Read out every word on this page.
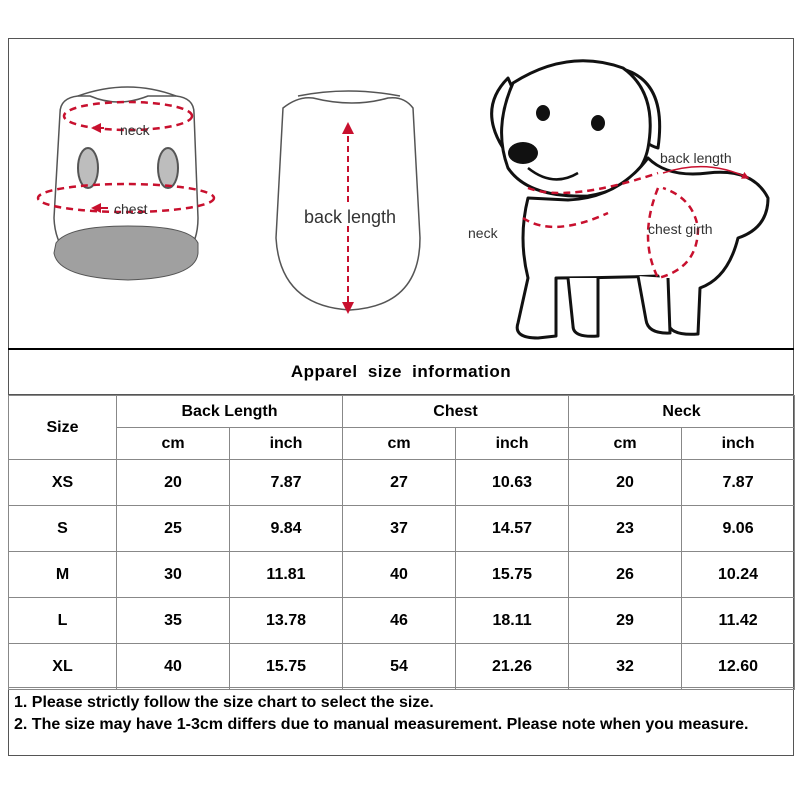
neck
chest	back length
back length
neck	chest girth
Apparel size information
Size	Back Length		Chest		Neck	
	cm	inch	cm	inch	cm	inch
XS	20	7.87	27	10.63	20	7.87
S	25	9.84	37	14.57	23	9.06
M	30	11.81	40	15.75	26	10.24
L	35	13.78	46	18.11	29	11.42
XL	40	15.75	54	21.26	32	12.60
1. Please strictly follow the size chart to select the size.
2. The size may have 1-3cm differs due to manual measurement. Please note when you measure.
